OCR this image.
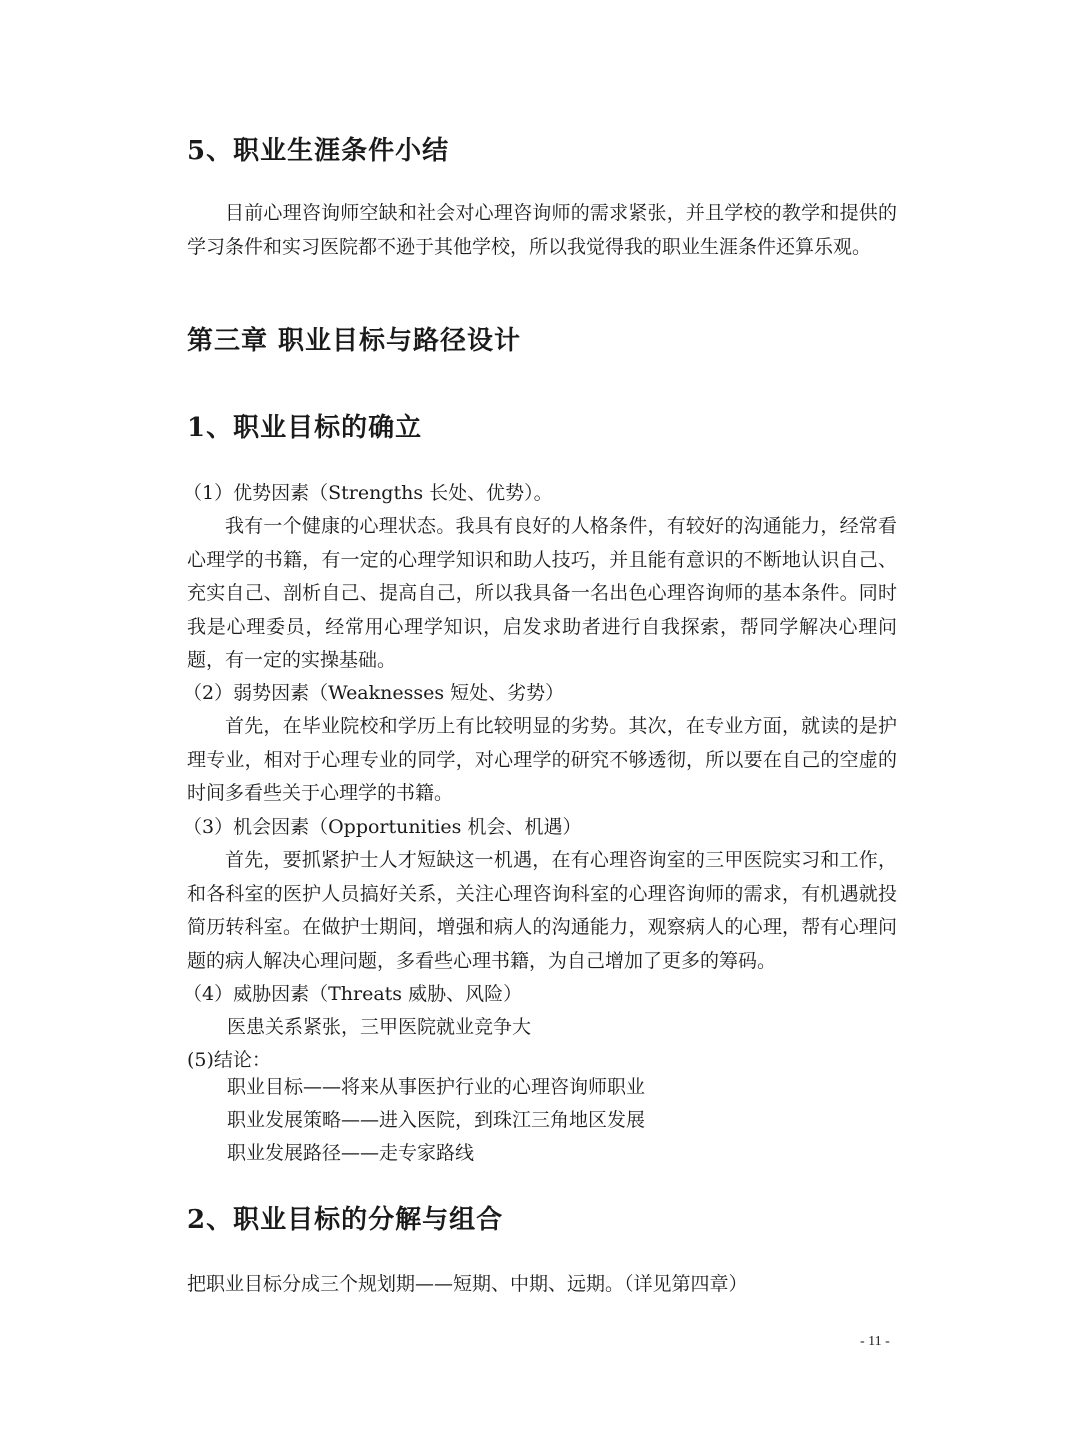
5、职业生涯条件小结

目前心理咨询师空缺和社会对心理咨询师的需求紧张，并且学校的教学和提供的学习条件和实习医院都不逊于其他学校，所以我觉得我的职业生涯条件还算乐观。

第三章 职业目标与路径设计
1、职业目标的确立
（1）优势因素（Strengths 长处、优势）。

我有一个健康的心理状态。我具有良好的人格条件，有较好的沟通能力，经常看心理学的书籍，有一定的心理学知识和助人技巧，并且能有意识的不断地认识自己、充实自己、剖析自己、提高自己，所以我具备一名出色心理咨询师的基本条件。同时我是心理委员，经常用心理学知识，启发求助者进行自我探索，帮同学解决心理问题，有一定的实操基础。

（2）弱势因素（Weaknesses 短处、劣势）

首先，在毕业院校和学历上有比较明显的劣势。其次，在专业方面，就读的是护理专业，相对于心理专业的同学，对心理学的研究不够透彻，所以要在自己的空虚的时间多看些关于心理学的书籍。

（3）机会因素（Opportunities 机会、机遇）

首先，要抓紧护士人才短缺这一机遇，在有心理咨询室的三甲医院实习和工作，和各科室的医护人员搞好关系，关注心理咨询科室的心理咨询师的需求，有机遇就投简历转科室。在做护士期间，增强和病人的沟通能力，观察病人的心理，帮有心理问题的病人解决心理问题，多看些心理书籍，为自己增加了更多的筹码。

（4）威胁因素（Threats 威胁、风险）
医患关系紧张，三甲医院就业竞争大
(5)结论：
职业目标——将来从事医护行业的心理咨询师职业
职业发展策略——进入医院，到珠江三角地区发展
职业发展路径——走专家路线
2、职业目标的分解与组合
把职业目标分成三个规划期——短期、中期、远期。（详见第四章）
- 11 -
